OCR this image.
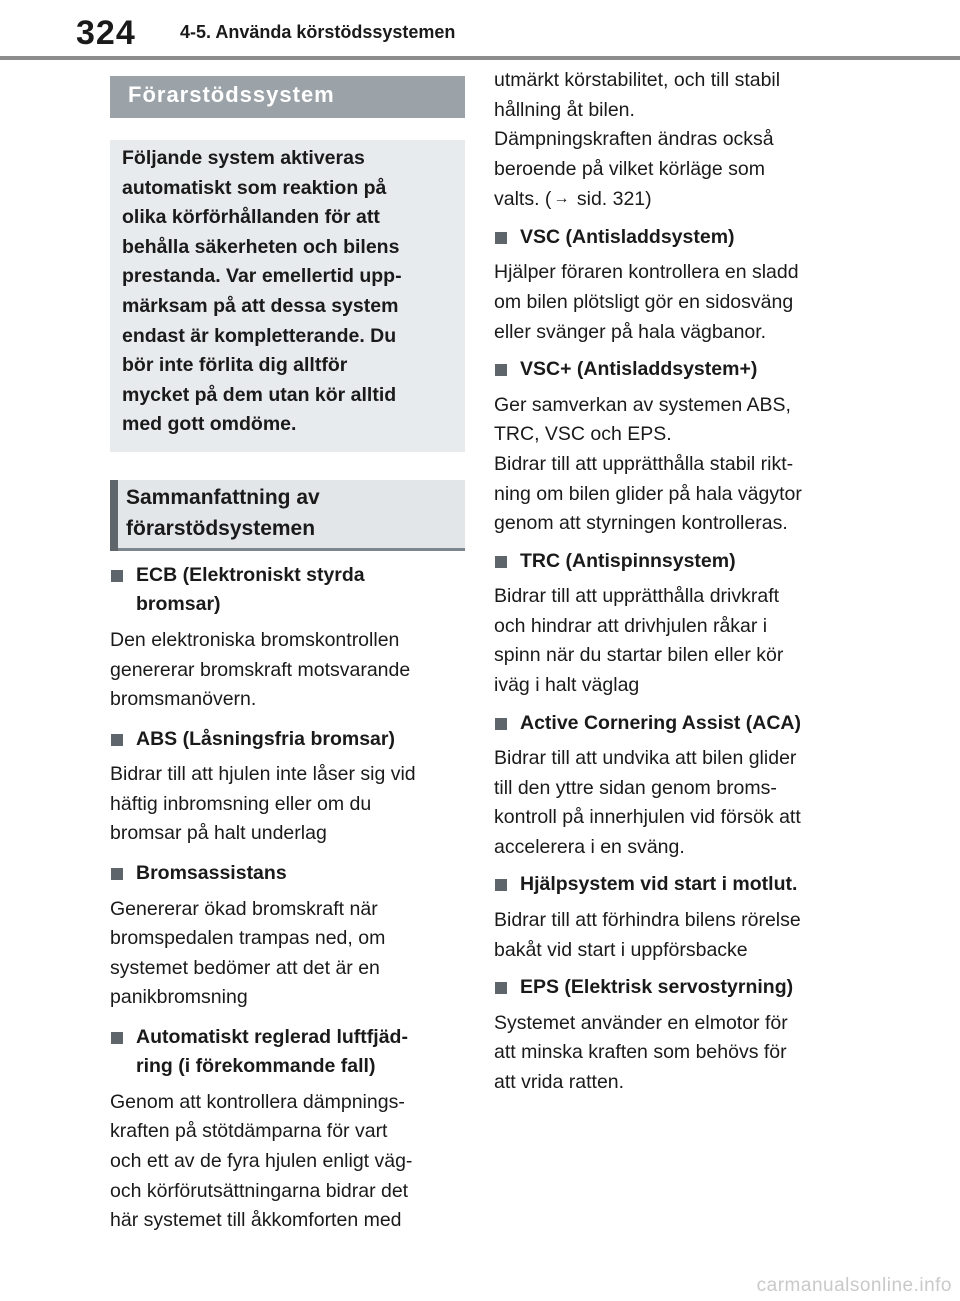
324 4-5. Använda körstödssystemen
Förarstödssystem
Följande system aktiveras
automatiskt som reaktion på
olika körförhållanden för att
behålla säkerheten och bilens
prestanda. Var emellertid upp-
märksam på att dessa system
endast är kompletterande. Du
bör inte förlita dig alltför
mycket på dem utan kör alltid
med gott omdöme.
Sammanfattning av
förarstödsystemen
ECB (Elektroniskt styrda
bromsar)
Den elektroniska bromskontrollen
genererar bromskraft motsvarande
bromsmanövern.
ABS (Låsningsfria bromsar)
Bidrar till att hjulen inte låser sig vid
häftig inbromsning eller om du
bromsar på halt underlag
Bromsassistans
Genererar ökad bromskraft när
bromspedalen trampas ned, om
systemet bedömer att det är en
panikbromsning
Automatiskt reglerad luftfjäd-
ring (i förekommande fall)
Genom att kontrollera dämpnings-
kraften på stötdämparna för vart
och ett av de fyra hjulen enligt väg-
och körförutsättningarna bidrar det
här systemet till åkkomforten med
utmärkt körstabilitet, och till stabil
hållning åt bilen.
Dämpningskraften ändras också
beroende på vilket körläge som
valts. ( → sid. 321)
VSC (Antisladdsystem)
Hjälper föraren kontrollera en sladd
om bilen plötsligt gör en sidosväng
eller svänger på hala vägbanor.
VSC+ (Antisladdsystem+)
Ger samverkan av systemen ABS,
TRC, VSC och EPS.
Bidrar till att upprätthålla stabil rikt-
ning om bilen glider på hala vägytor
genom att styrningen kontrolleras.
TRC (Antispinnsystem)
Bidrar till att upprätthålla drivkraft
och hindrar att drivhjulen råkar i
spinn när du startar bilen eller kör
iväg i halt väglag
Active Cornering Assist (ACA)
Bidrar till att undvika att bilen glider
till den yttre sidan genom broms-
kontroll på innerhjulen vid försök att
accelerera i en sväng.
Hjälpsystem vid start i motlut.
Bidrar till att förhindra bilens rörelse
bakåt vid start i uppförsbacke
EPS (Elektrisk servostyrning)
Systemet använder en elmotor för
att minska kraften som behövs för
att vrida ratten.
carmanualsonline.info
